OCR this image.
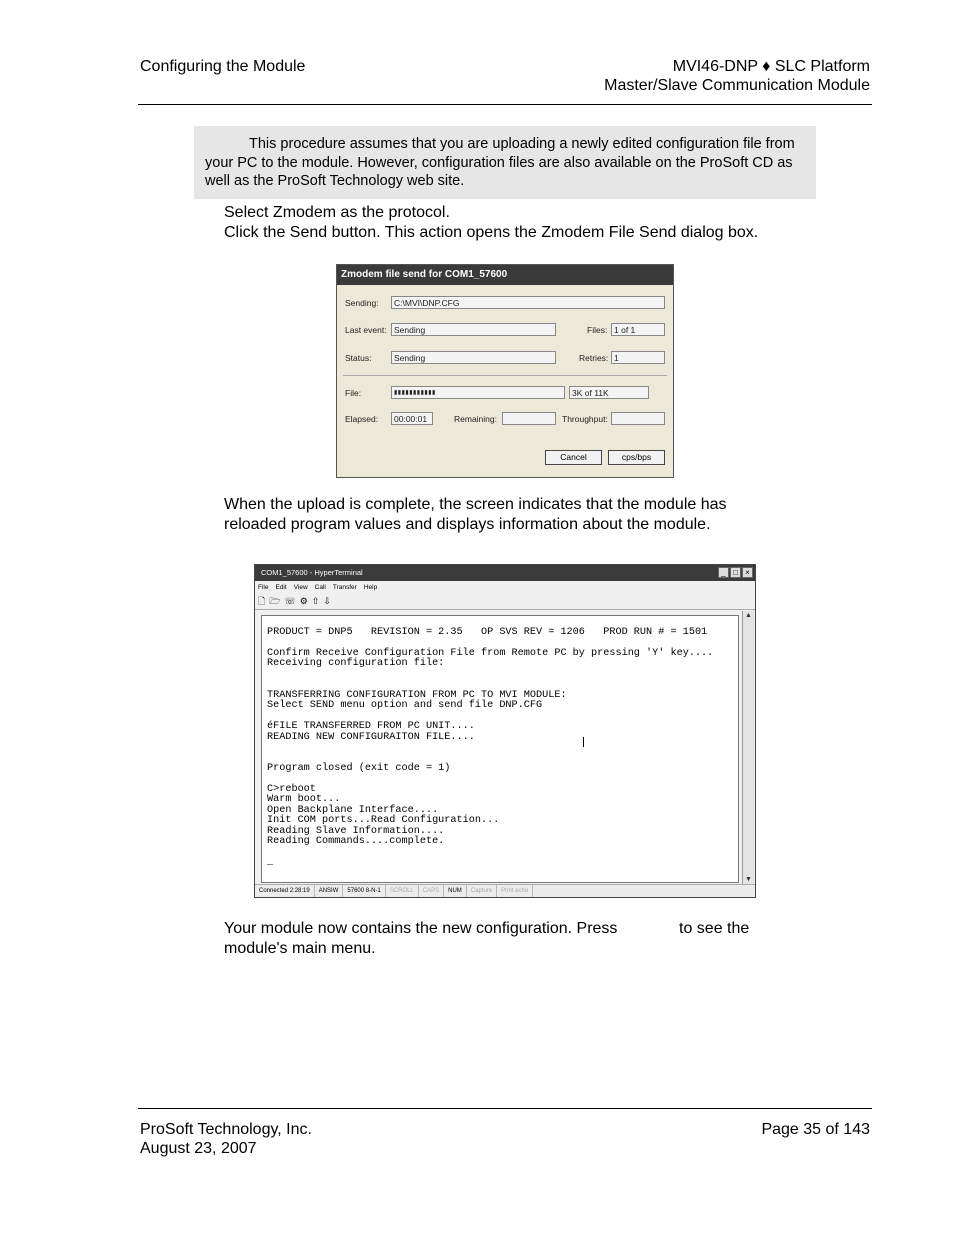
Configuring the Module	MVI46-DNP ♦ SLC Platform
Master/Slave Communication Module
This procedure assumes that you are uploading a newly edited configuration file from your PC to the module. However, configuration files are also available on the ProSoft CD as well as the ProSoft Technology web site.
Select Zmodem as the protocol.
Click the Send button. This action opens the Zmodem File Send dialog box.
Zmodem file send for COM1_57600
Sending:	C:\MVI\DNP.CFG
Last event: Sending	Files: 1 of 1
Status:	Sending	Retries: 1
File:	▮▮▮▮▮▮▮▮▮▮▮	3K of 11K
Elapsed:	00:00:01	Remaining:	Throughput:
Cancel	cps/bps
When the upload is complete, the screen indicates that the module has reloaded program values and displays information about the module.
COM1_57600 - HyperTerminal	_ □ ×
File Edit View Call Transfer Help
🗋 🗁 ☏ ⚙ ⇧ ⇩
PRODUCT = DNP5   REVISION = 2.35   OP SVS REV = 1206   PROD RUN # = 1501

Confirm Receive Configuration File from Remote PC by pressing 'Y' key....
Receiving configuration file:

TRANSFERRING CONFIGURATION FROM PC TO MVI MODULE:
Select SEND menu option and send file DNP.CFG

éFILE TRANSFERRED FROM PC UNIT....
READING NEW CONFIGURAITON FILE....

Program closed (exit code = 1)

C>reboot
Warm boot...
Open Backplane Interface....
Init COM ports...Read Configuration...
Reading Slave Information....
Reading Commands....complete.

_
▲
▼
Connected 2:28:19	ANSIW	57600 8-N-1	SCROLL	CAPS	NUM	Capture	Print echo
Your module now contains the new configuration. Press	to see the
module's main menu.
ProSoft Technology, Inc.
August 23, 2007
Page 35 of 143
